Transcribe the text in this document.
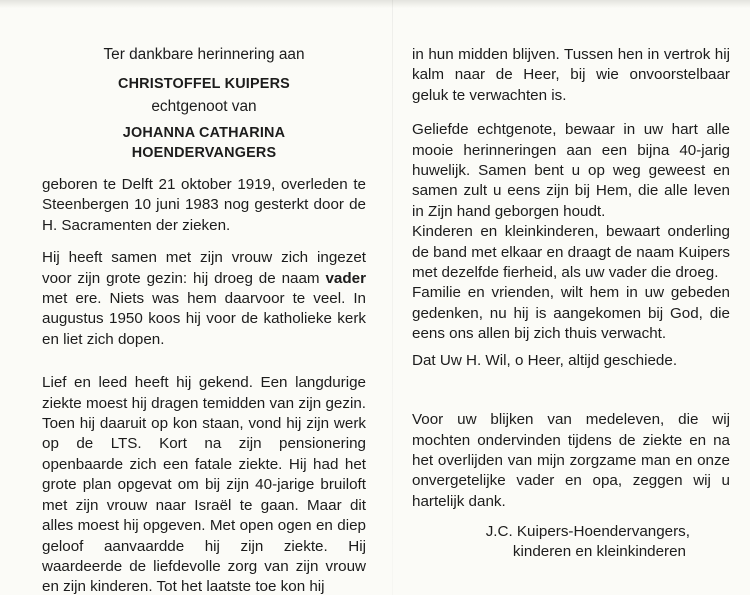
Ter dankbare herinnering aan
CHRISTOFFEL KUIPERS
echtgenoot van
JOHANNA CATHARINA
HOENDERVANGERS

geboren te Delft 21 oktober 1919, overleden te Steenbergen 10 juni 1983 nog gesterkt door de H. Sacramenten der zieken.

Hij heeft samen met zijn vrouw zich ingezet voor zijn grote gezin: hij droeg de naam vader met ere. Niets was hem daarvoor te veel. In augustus 1950 koos hij voor de katholieke kerk en liet zich dopen.

Lief en leed heeft hij gekend. Een langdurige ziekte moest hij dragen temidden van zijn gezin. Toen hij daaruit op kon staan, vond hij zijn werk op de LTS. Kort na zijn pensionering openbaarde zich een fatale ziekte. Hij had het grote plan opgevat om bij zijn 40-jarige bruiloft met zijn vrouw naar Israël te gaan. Maar dit alles moest hij opgeven. Met open ogen en diep geloof aanvaardde hij zijn ziekte. Hij waardeerde de liefdevolle zorg van zijn vrouw en zijn kinderen. Tot het laatste toe kon hij

in hun midden blijven. Tussen hen in vertrok hij kalm naar de Heer, bij wie onvoorstelbaar geluk te verwachten is.

Geliefde echtgenote, bewaar in uw hart alle mooie herinneringen aan een bijna 40-jarig huwelijk. Samen bent u op weg geweest en samen zult u eens zijn bij Hem, die alle leven in Zijn hand geborgen houdt.

Kinderen en kleinkinderen, bewaart onderling de band met elkaar en draagt de naam Kuipers met dezelfde fierheid, als uw vader die droeg.

Familie en vrienden, wilt hem in uw gebeden gedenken, nu hij is aangekomen bij God, die eens ons allen bij zich thuis verwacht.

Dat Uw H. Wil, o Heer, altijd geschiede.

Voor uw blijken van medeleven, die wij mochten ondervinden tijdens de ziekte en na het overlijden van mijn zorgzame man en onze onvergetelijke vader en opa, zeggen wij u hartelijk dank.

J.C. Kuipers-Hoendervangers,
kinderen en kleinkinderen
